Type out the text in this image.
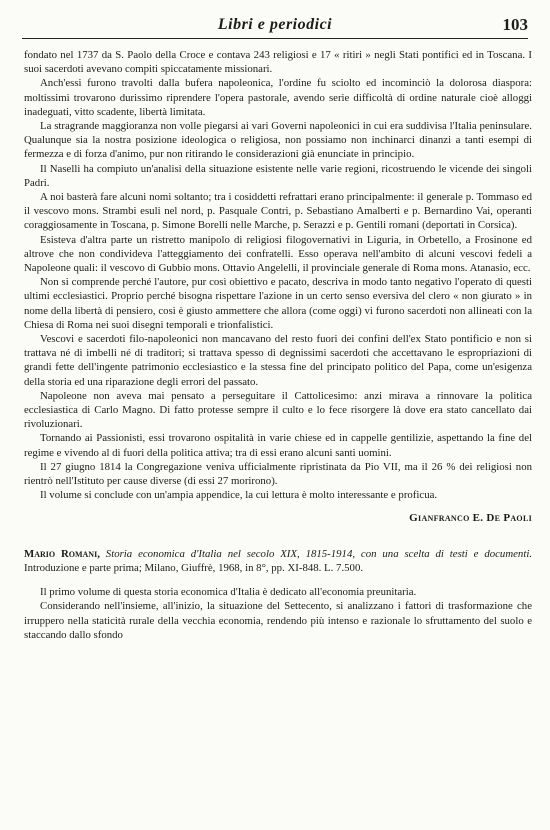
Libri e periodici	103

fondato nel 1737 da S. Paolo della Croce e contava 243 religiosi e 17 « ritiri » negli Stati pontifici ed in Toscana. I suoi sacerdoti avevano compiti spiccatamente missionari.

Anch'essi furono travolti dalla bufera napoleonica, l'ordine fu sciolto ed incominciò la dolorosa diaspora: moltissimi trovarono durissimo riprendere l'opera pastorale, avendo serie difficoltà di ordine naturale cioè alloggi inadeguati, vitto scadente, libertà limitata.

La stragrande maggioranza non volle piegarsi ai vari Governi napoleonici in cui era suddivisa l'Italia peninsulare. Qualunque sia la nostra posizione ideologica o religiosa, non possiamo non inchinarci dinanzi a tanti esempi di fermezza e di forza d'animo, pur non ritirando le considerazioni già enunciate in principio.

Il Naselli ha compiuto un'analisi della situazione esistente nelle varie regioni, ricostruendo le vicende dei singoli Padri.

A noi basterà fare alcuni nomi soltanto; tra i cosiddetti refrattari erano principalmente: il generale p. Tommaso ed il vescovo mons. Strambi esuli nel nord, p. Pasquale Contri, p. Sebastiano Amalberti e p. Bernardino Vai, operanti coraggiosamente in Toscana, p. Simone Borelli nelle Marche, p. Serazzi e p. Gentili romani (deportati in Corsica).

Esisteva d'altra parte un ristretto manipolo di religiosi filogovernativi in Liguria, in Orbetello, a Frosinone ed altrove che non condivideva l'atteggiamento dei confratelli. Esso operava nell'ambito di alcuni vescovi fedeli a Napoleone quali: il vescovo di Gubbio mons. Ottavio Angelelli, il provinciale generale di Roma mons. Atanasio, ecc.

Non si comprende perché l'autore, pur così obiettivo e pacato, descriva in modo tanto negativo l'operato di questi ultimi ecclesiastici. Proprio perché bisogna rispettare l'azione in un certo senso eversiva del clero « non giurato » in nome della libertà di pensiero, così è giusto ammettere che allora (come oggi) vi furono sacerdoti non allineati con la Chiesa di Roma nei suoi disegni temporali e trionfalistici.

Vescovi e sacerdoti filo-napoleonici non mancavano del resto fuori dei confini dell'ex Stato pontificio e non si trattava né di imbelli né di traditori; si trattava spesso di degnissimi sacerdoti che accettavano le espropriazioni di grandi fette dell'ingente patrimonio ecclesiastico e la stessa fine del principato politico del Papa, come un'esigenza della storia ed una riparazione degli errori del passato.

Napoleone non aveva mai pensato a perseguitare il Cattolicesimo: anzi mirava a rinnovare la politica ecclesiastica di Carlo Magno. Di fatto protesse sempre il culto e lo fece risorgere là dove era stato cancellato dai rivoluzionari.

Tornando ai Passionisti, essi trovarono ospitalità in varie chiese ed in cappelle gentilizie, aspettando la fine del regime e vivendo al di fuori della politica attiva; tra di essi erano alcuni santi uomini.

Il 27 giugno 1814 la Congregazione veniva ufficialmente ripristinata da Pio VII, ma il 26 % dei religiosi non rientrò nell'Istituto per cause diverse (di essi 27 morirono).

Il volume si conclude con un'ampia appendice, la cui lettura è molto interessante e proficua.

Gianfranco E. De Paoli

Mario Romani, Storia economica d'Italia nel secolo XIX, 1815-1914, con una scelta di testi e documenti. Introduzione e parte prima; Milano, Giuffrè, 1968, in 8°, pp. XI-848. L. 7.500.

Il primo volume di questa storia economica d'Italia è dedicato all'economia preunitaria.

Considerando nell'insieme, all'inizio, la situazione del Settecento, si analizzano i fattori di trasformazione che irruppero nella staticità rurale della vecchia economia, rendendo più intenso e razionale lo sfruttamento del suolo e staccando dallo sfondo
